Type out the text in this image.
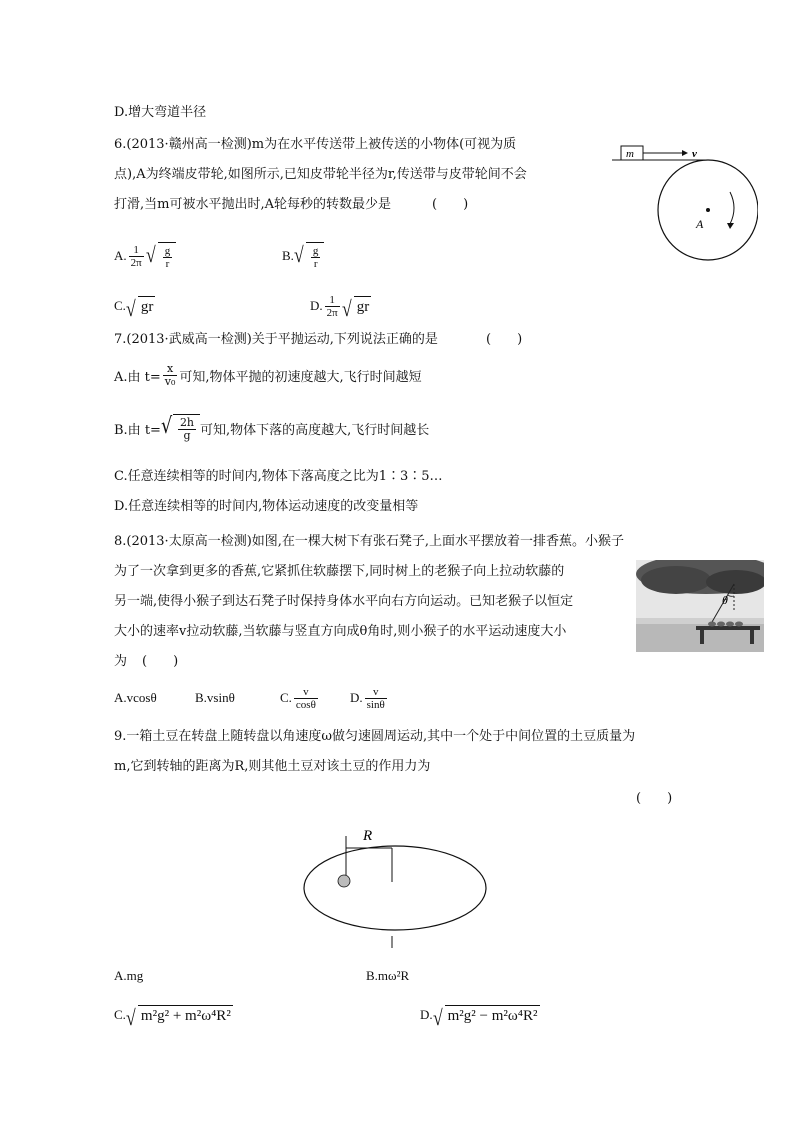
D.增大弯道半径
6.(2013·赣州高一检测)m为在水平传送带上被传送的小物体(可视为质
点),A为终端皮带轮,如图所示,已知皮带轮半径为r,传送带与皮带轮间不会
打滑,当m可被水平抛出时,A轮每秒的转数最少是	(　　)
m	v
A
A. $\frac{1}{2\pi}$ √ $\frac{g}{r}$	B. √ $\frac{g}{r}$
C. √ gr	D. $\frac{1}{2\pi}$ √ gr
7.(2013·武威高一检测)关于平抛运动,下列说法正确的是	(　　)
A.由 $t= \frac{x}{\text{v₀}}$ 可知,物体平抛的初速度越大,飞行时间越短
B.由 t= √ $\frac{2h}{g}$ 可知,物体下落的高度越大,飞行时间越长
C.任意连续相等的时间内,物体下落高度之比为1∶3∶5…
D.任意连续相等的时间内,物体运动速度的改变量相等
8.(2013·太原高一检测)如图,在一棵大树下有张石凳子,上面水平摆放着一排香蕉。小猴子
为了一次拿到更多的香蕉,它紧抓住软藤摆下,同时树上的老猴子向上拉动软藤的
另一端,使得小猴子到达石凳子时保持身体水平向右方向运动。已知老猴子以恒定
大小的速率v拉动软藤,当软藤与竖直方向成θ角时,则小猴子的水平运动速度大小
为 (　　)
θ
A.vcosθ	B.vsinθ	C. $\frac{v}{\cos\theta} D$. $\frac{v}{\sin\theta}$
9.一箱土豆在转盘上随转盘以角速度ω做匀速圆周运动,其中一个处于中间位置的土豆质量为
m,它到转轴的距离为R,则其他土豆对该土豆的作用力为
(　　)
R
A.mg	B.mω²R
C. √ m²g² + m²ω⁴R²	D. √ m²g² − m²ω⁴R²
